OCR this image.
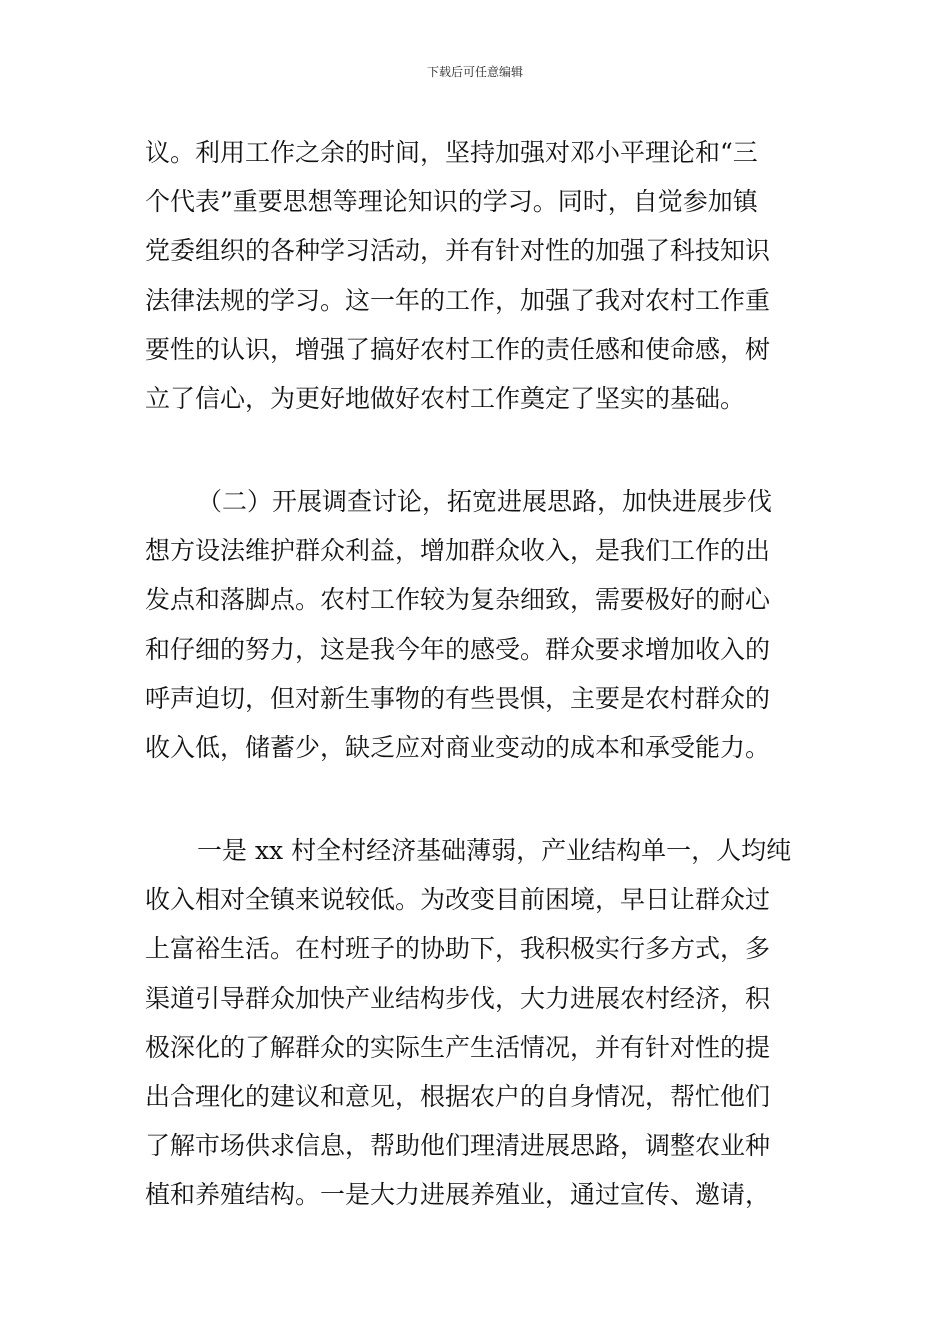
下载后可任意编辑
议。利用工作之余的时间，坚持加强对邓小平理论和“三
个代表”重要思想等理论知识的学习。同时，自觉参加镇
党委组织的各种学习活动，并有针对性的加强了科技知识
法律法规的学习。这一年的工作，加强了我对农村工作重
要性的认识，增强了搞好农村工作的责任感和使命感，树
立了信心，为更好地做好农村工作奠定了坚实的基础。
（二）开展调查讨论，拓宽进展思路，加快进展步伐
想方设法维护群众利益，增加群众收入，是我们工作的出
发点和落脚点。农村工作较为复杂细致，需要极好的耐心
和仔细的努力，这是我今年的感受。群众要求增加收入的
呼声迫切，但对新生事物的有些畏惧，主要是农村群众的
收入低，储蓄少，缺乏应对商业变动的成本和承受能力。
一是 xx 村全村经济基础薄弱，产业结构单一，人均纯
收入相对全镇来说较低。为改变目前困境，早日让群众过
上富裕生活。在村班子的协助下，我积极实行多方式，多
渠道引导群众加快产业结构步伐，大力进展农村经济，积
极深化的了解群众的实际生产生活情况，并有针对性的提
出合理化的建议和意见，根据农户的自身情况，帮忙他们
了解市场供求信息，帮助他们理清进展思路，调整农业种
植和养殖结构。一是大力进展养殖业，通过宣传、邀请，
